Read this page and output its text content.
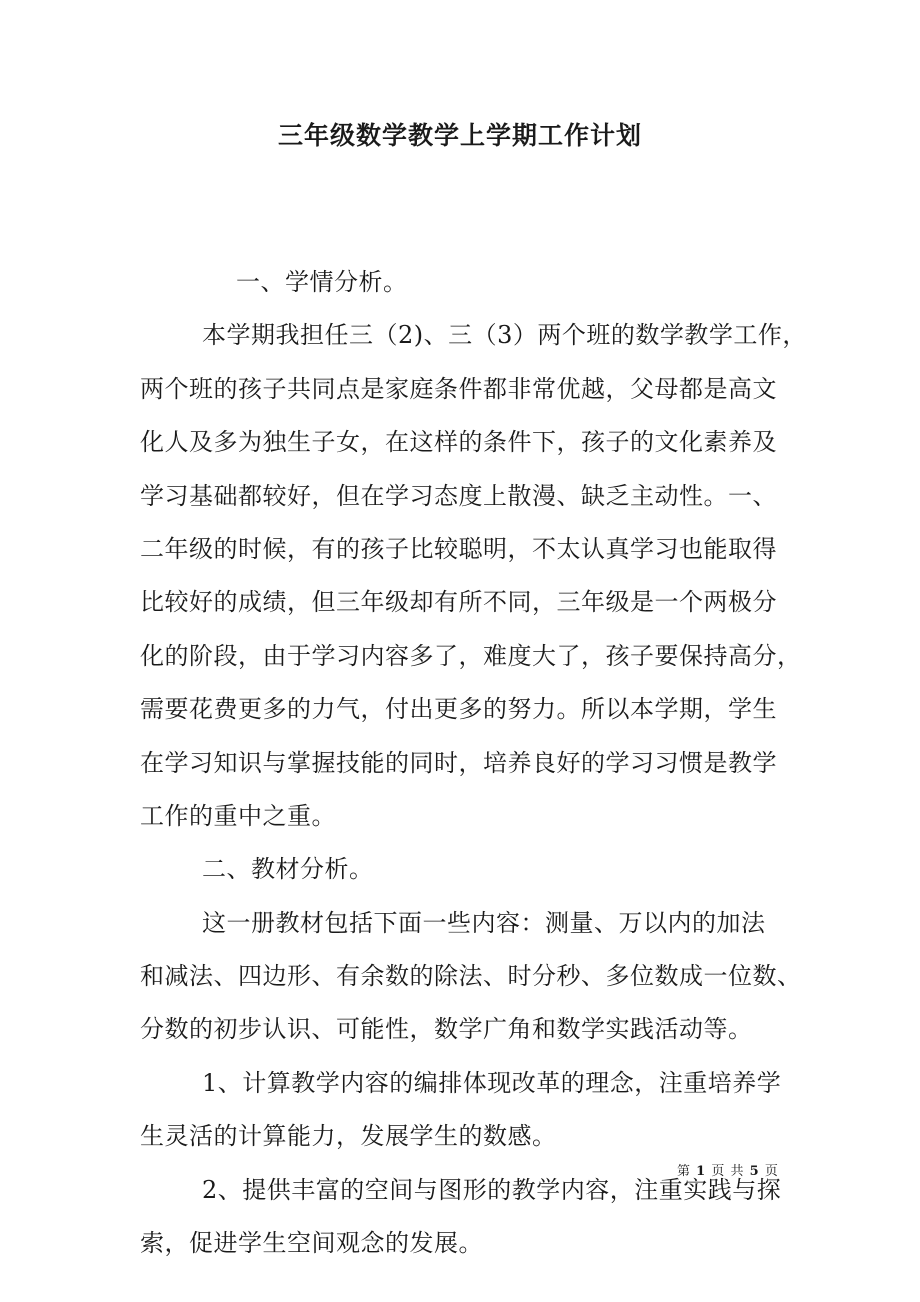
三年级数学教学上学期工作计划
一、学情分析。
本学期我担任三（2)、三（3）两个班的数学教学工作，
两个班的孩子共同点是家庭条件都非常优越，父母都是高文
化人及多为独生子女，在这样的条件下，孩子的文化素养及
学习基础都较好，但在学习态度上散漫、缺乏主动性。一、
二年级的时候，有的孩子比较聪明，不太认真学习也能取得
比较好的成绩，但三年级却有所不同，三年级是一个两极分
化的阶段，由于学习内容多了，难度大了，孩子要保持高分，
需要花费更多的力气，付出更多的努力。所以本学期，学生
在学习知识与掌握技能的同时，培养良好的学习习惯是教学
工作的重中之重。
二、教材分析。
这一册教材包括下面一些内容：测量、万以内的加法
和减法、四边形、有余数的除法、时分秒、多位数成一位数、
分数的初步认识、可能性，数学广角和数学实践活动等。
1、计算教学内容的编排体现改革的理念，注重培养学
生灵活的计算能力，发展学生的数感。
2、提供丰富的空间与图形的教学内容，注重实践与探
索，促进学生空间观念的发展。
第 1 页 共 5 页
